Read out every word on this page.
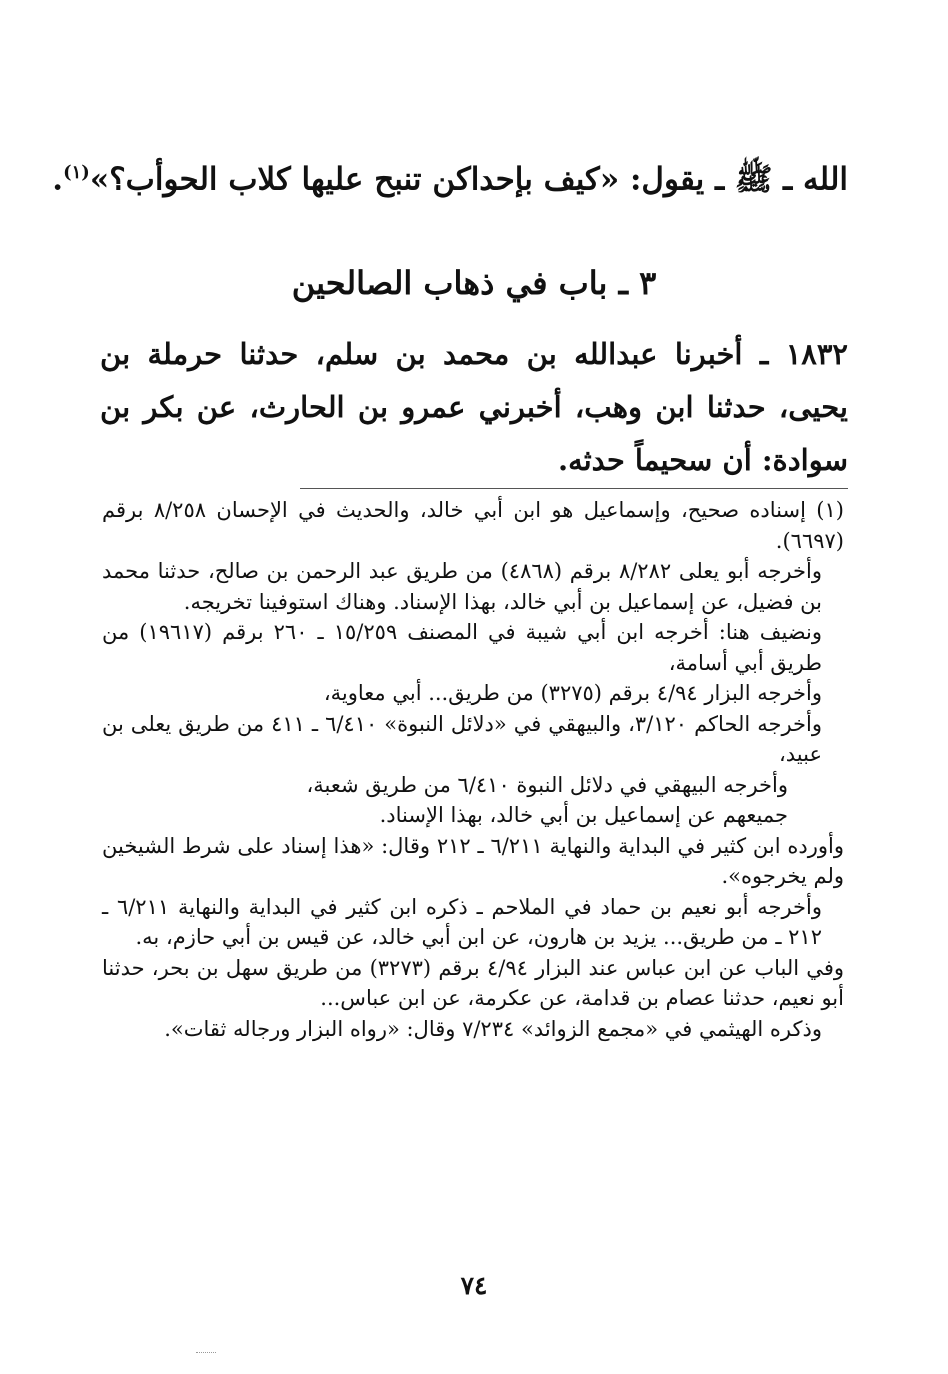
الله ـ ﷺ ـ يقول: «كيف بإحداكن تنبح عليها كلاب الحوأب؟»$^{(١)}$.
٣ ـ باب في ذهاب الصالحين
١٨٣٢ ـ أخبرنا عبدالله بن محمد بن سلم، حدثنا حرملة بن يحيى، حدثنا ابن وهب، أخبرني عمرو بن الحارث، عن بكر بن سوادة: أن سحيماً حدثه.

(١) إسناده صحيح، وإسماعيل هو ابن أبي خالد، والحديث في الإحسان ٨/٢٥٨ برقم (٦٦٩٧).

وأخرجه أبو يعلى ٨/٢٨٢ برقم (٤٨٦٨) من طريق عبد الرحمن بن صالح، حدثنا محمد بن فضيل، عن إسماعيل بن أبي خالد، بهذا الإسناد. وهناك استوفينا تخريجه.

ونضيف هنا: أخرجه ابن أبي شيبة في المصنف ١٥/٢٥٩ ـ ٢٦٠ برقم (١٩٦١٧) من طريق أبي أسامة،

وأخرجه البزار ٤/٩٤ برقم (٣٢٧٥) من طريق... أبي معاوية،

وأخرجه الحاكم ٣/١٢٠، والبيهقي في «دلائل النبوة» ٦/٤١٠ ـ ٤١١ من طريق يعلى بن عبيد،

وأخرجه البيهقي في دلائل النبوة ٦/٤١٠ من طريق شعبة،

جميعهم عن إسماعيل بن أبي خالد، بهذا الإسناد.

وأورده ابن كثير في البداية والنهاية ٦/٢١١ ـ ٢١٢ وقال: «هذا إسناد على شرط الشيخين ولم يخرجوه».

وأخرجه أبو نعيم بن حماد في الملاحم ـ ذكره ابن كثير في البداية والنهاية ٦/٢١١ ـ ٢١٢ ـ من طريق... يزيد بن هارون، عن ابن أبي خالد، عن قيس بن أبي حازم، به.

وفي الباب عن ابن عباس عند البزار ٤/٩٤ برقم (٣٢٧٣) من طريق سهل بن بحر، حدثنا أبو نعيم، حدثنا عصام بن قدامة، عن عكرمة، عن ابن عباس...

وذكره الهيثمي في «مجمع الزوائد» ٧/٢٣٤ وقال: «رواه البزار ورجاله ثقات».

٧٤
